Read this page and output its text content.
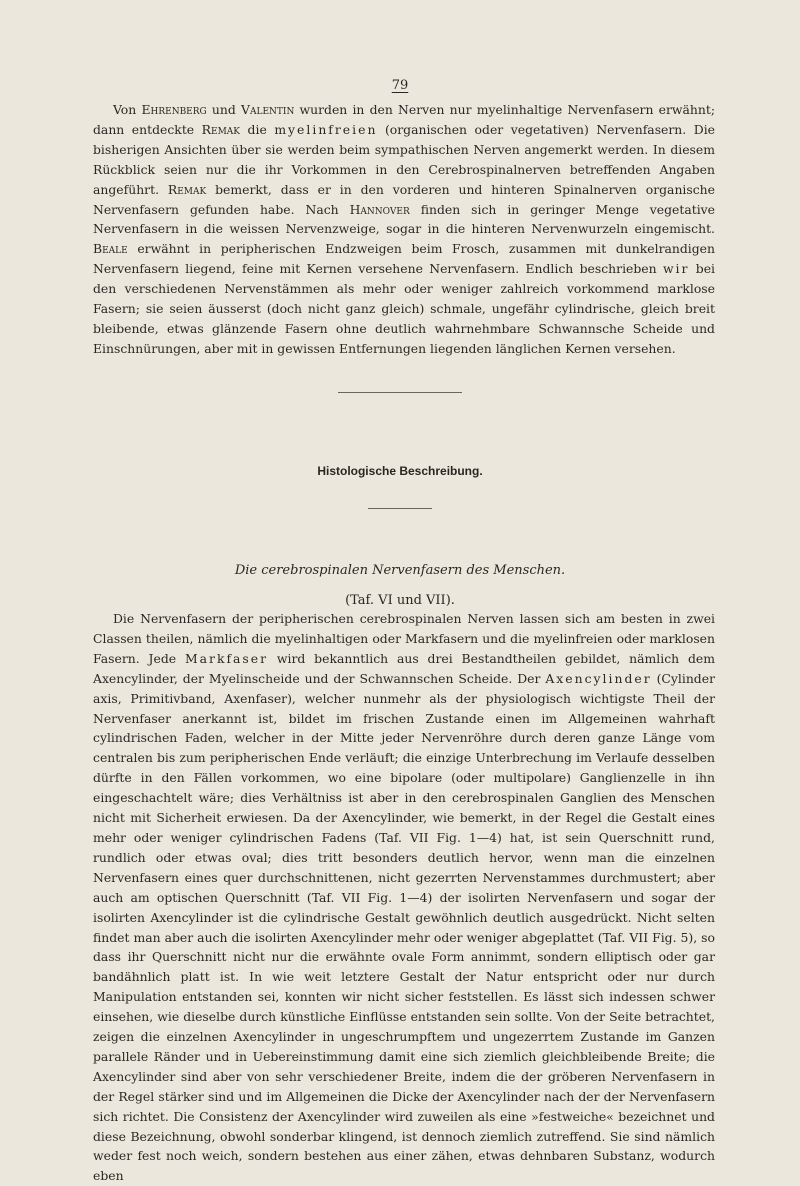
79

Von Ehrenberg und Valentin wurden in den Nerven nur myelinhaltige Nervenfasern erwähnt; dann entdeckte Remak die myelinfreien (organischen oder vegetativen) Nervenfasern. Die bisherigen Ansichten über sie werden beim sympathischen Nerven angemerkt werden. In diesem Rückblick seien nur die ihr Vorkommen in den Cerebrospinalnerven betreffenden Angaben angeführt. Remak bemerkt, dass er in den vorderen und hinteren Spinalnerven organische Nervenfasern gefunden habe. Nach Hannover finden sich in geringer Menge vegetative Nervenfasern in die weissen Nervenzweige, sogar in die hinteren Nervenwurzeln eingemischt. Beale erwähnt in peripherischen Endzweigen beim Frosch, zusammen mit dunkelrandigen Nervenfasern liegend, feine mit Kernen versehene Nervenfasern. Endlich beschrieben wir bei den verschiedenen Nervenstämmen als mehr oder weniger zahlreich vorkommend marklose Fasern; sie seien äusserst (doch nicht ganz gleich) schmale, ungefähr cylindrische, gleich breit bleibende, etwas glänzende Fasern ohne deutlich wahrnehmbare Schwannsche Scheide und Einschnürungen, aber mit in gewissen Entfernungen liegenden länglichen Kernen versehen.

Histologische Beschreibung.
Die cerebrospinalen Nervenfasern des Menschen.
(Taf. VI und VII).

Die Nervenfasern der peripherischen cerebrospinalen Nerven lassen sich am besten in zwei Classen theilen, nämlich die myelinhaltigen oder Markfasern und die myelinfreien oder marklosen Fasern. Jede Markfaser wird bekanntlich aus drei Bestandtheilen gebildet, nämlich dem Axencylinder, der Myelinscheide und der Schwannschen Scheide. Der Axencylinder (Cylinder axis, Primitivband, Axenfaser), welcher nunmehr als der physiologisch wichtigste Theil der Nervenfaser anerkannt ist, bildet im frischen Zustande einen im Allgemeinen wahrhaft cylindrischen Faden, welcher in der Mitte jeder Nervenröhre durch deren ganze Länge vom centralen bis zum peripherischen Ende verläuft; die einzige Unterbrechung im Verlaufe desselben dürfte in den Fällen vorkommen, wo eine bipolare (oder multipolare) Ganglienzelle in ihn eingeschachtelt wäre; dies Verhältniss ist aber in den cerebrospinalen Ganglien des Menschen nicht mit Sicherheit erwiesen. Da der Axencylinder, wie bemerkt, in der Regel die Gestalt eines mehr oder weniger cylindrischen Fadens (Taf. VII Fig. 1—4) hat, ist sein Querschnitt rund, rundlich oder etwas oval; dies tritt besonders deutlich hervor, wenn man die einzelnen Nervenfasern eines quer durchschnittenen, nicht gezerrten Nervenstammes durchmustert; aber auch am optischen Querschnitt (Taf. VII Fig. 1—4) der isolirten Nervenfasern und sogar der isolirten Axencylinder ist die cylindrische Gestalt gewöhnlich deutlich ausgedrückt. Nicht selten findet man aber auch die isolirten Axencylinder mehr oder weniger abgeplattet (Taf. VII Fig. 5), so dass ihr Querschnitt nicht nur die erwähnte ovale Form annimmt, sondern elliptisch oder gar bandähnlich platt ist. In wie weit letztere Gestalt der Natur entspricht oder nur durch Manipulation entstanden sei, konnten wir nicht sicher feststellen. Es lässt sich indessen schwer einsehen, wie dieselbe durch künstliche Einflüsse entstanden sein sollte. Von der Seite betrachtet, zeigen die einzelnen Axencylinder in ungeschrumpftem und ungezerrtem Zustande im Ganzen parallele Ränder und in Uebereinstimmung damit eine sich ziemlich gleichbleibende Breite; die Axencylinder sind aber von sehr verschiedener Breite, indem die der gröberen Nervenfasern in der Regel stärker sind und im Allgemeinen die Dicke der Axencylinder nach der der Nervenfasern sich richtet. Die Consistenz der Axencylinder wird zuweilen als eine »festweiche« bezeichnet und diese Bezeichnung, obwohl sonderbar klingend, ist dennoch ziemlich zutreffend. Sie sind nämlich weder fest noch weich, sondern bestehen aus einer zähen, etwas dehnbaren Substanz, wodurch eben
